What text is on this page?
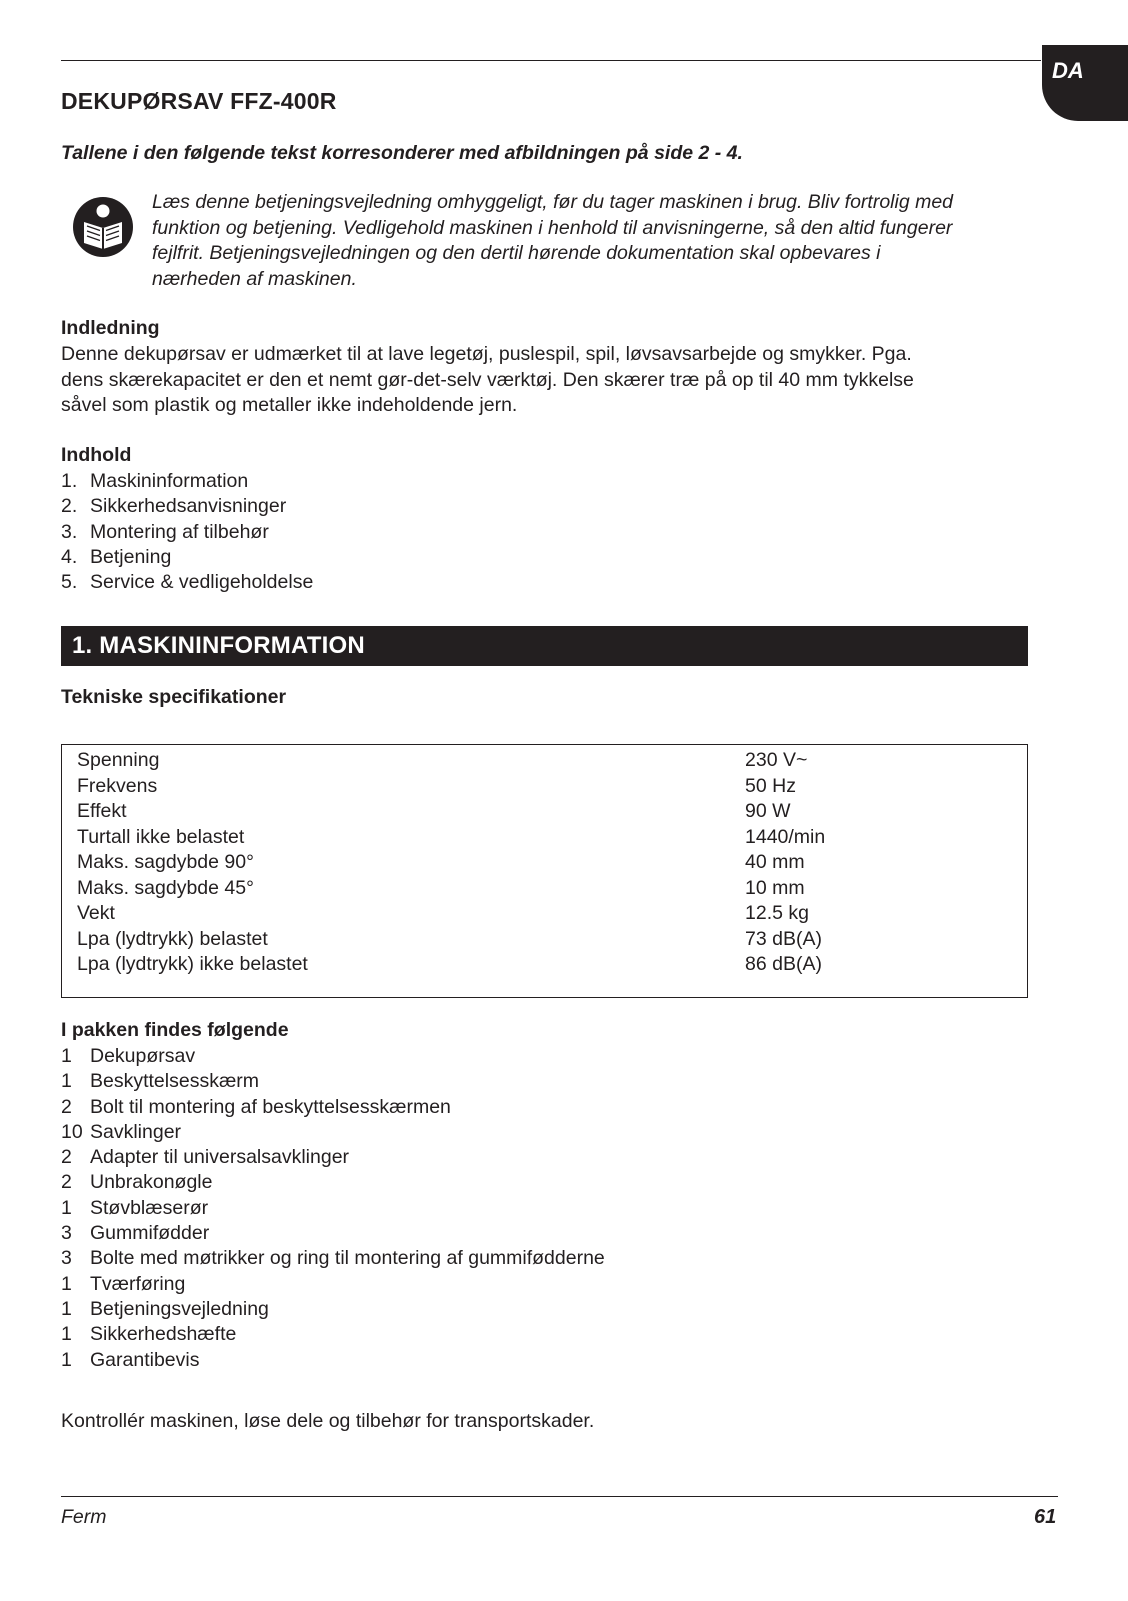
DA
DEKUPØRSAV FFZ-400R
Tallene i den følgende tekst korresonderer med afbildningen på side 2 - 4.
Læs denne betjeningsvejledning omhyggeligt, før du tager maskinen i brug. Bliv fortrolig med
funktion og betjening. Vedligehold maskinen i henhold til anvisningerne, så den altid fungerer
fejlfrit. Betjeningsvejledningen og den dertil hørende dokumentation skal opbevares i
nærheden af maskinen.
Indledning
Denne dekupørsav er udmærket til at lave legetøj, puslespil, spil, løvsavsarbejde og smykker. Pga.
dens skærekapacitet er den et nemt gør-det-selv værktøj. Den skærer træ på op til 40 mm tykkelse
såvel som plastik og metaller ikke indeholdende jern.
Indhold
1. Maskininformation
2. Sikkerhedsanvisninger
3. Montering af tilbehør
4. Betjening
5. Service & vedligeholdelse
1. MASKININFORMATION
Tekniske specifikationer
Spenning	230 V~
Frekvens	50 Hz
Effekt	90 W
Turtall ikke belastet	1440/min
Maks. sagdybde 90°	40 mm
Maks. sagdybde 45°	10 mm
Vekt	12.5 kg
Lpa (lydtrykk) belastet	73 dB(A)
Lpa (lydtrykk) ikke belastet	86 dB(A)
I pakken findes følgende
1 Dekupørsav
1 Beskyttelsesskærm
2 Bolt til montering af beskyttelsesskærmen
10 Savklinger
2 Adapter til universalsavklinger
2 Unbrakonøgle
1 Støvblæserør
3 Gummifødder
3 Bolte med møtrikker og ring til montering af gummifødderne
1 Tværføring
1 Betjeningsvejledning
1 Sikkerhedshæfte
1 Garantibevis
Kontrollér maskinen, løse dele og tilbehør for transportskader.
Ferm	61
